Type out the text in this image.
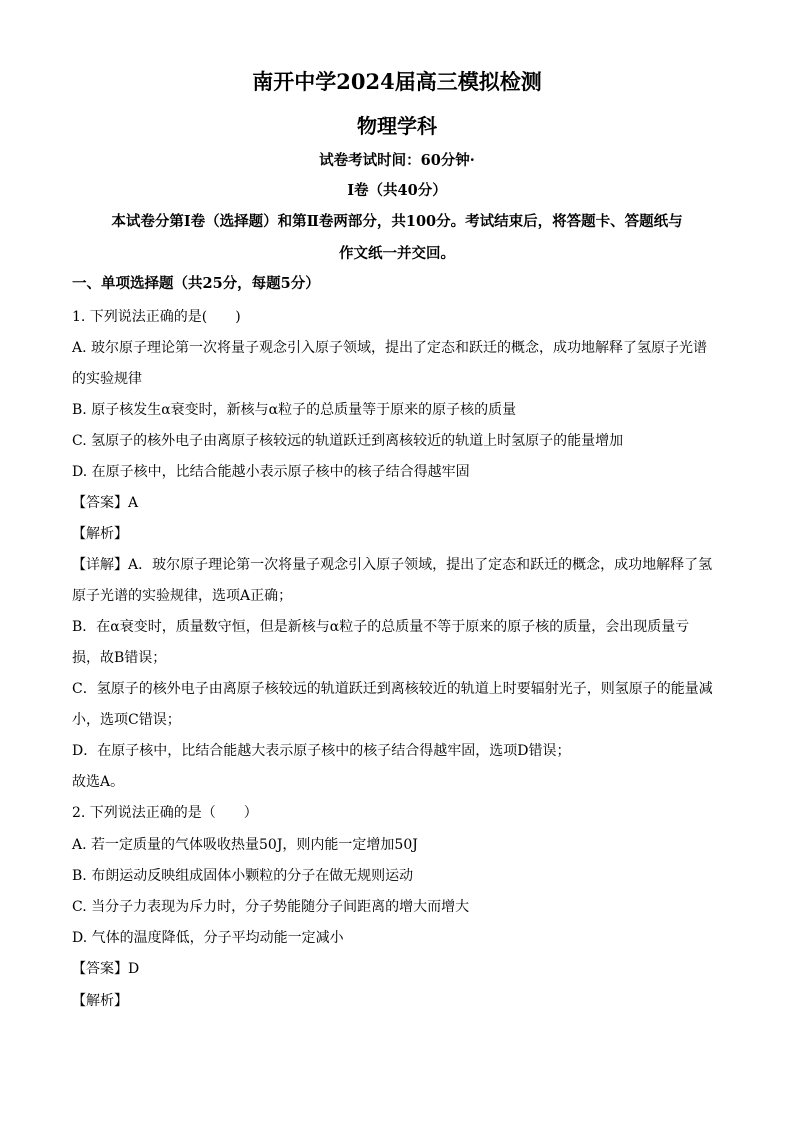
南开中学2024届高三模拟检测
物理学科
试卷考试时间：60分钟·
Ⅰ卷（共40分）
本试卷分第Ⅰ卷（选择题）和第Ⅱ卷两部分，共100分。考试结束后，将答题卡、答题纸与
作文纸一并交回。
一、单项选择题（共25分，每题5分）
1. 下列说法正确的是(　　)
A. 玻尔原子理论第一次将量子观念引入原子领域，提出了定态和跃迁的概念，成功地解释了氢原子光谱
的实验规律
B. 原子核发生α衰变时，新核与α粒子的总质量等于原来的原子核的质量
C. 氢原子的核外电子由离原子核较远的轨道跃迁到离核较近的轨道上时氢原子的能量增加
D. 在原子核中，比结合能越小表示原子核中的核子结合得越牢固
【答案】A
【解析】
【详解】A．玻尔原子理论第一次将量子观念引入原子领域，提出了定态和跃迁的概念，成功地解释了氢
原子光谱的实验规律，选项A正确；
B．在α衰变时，质量数守恒，但是新核与α粒子的总质量不等于原来的原子核的质量，会出现质量亏
损，故B错误；
C．氢原子的核外电子由离原子核较远的轨道跃迁到离核较近的轨道上时要辐射光子，则氢原子的能量减
小，选项C错误；
D．在原子核中，比结合能越大表示原子核中的核子结合得越牢固，选项D错误；
故选A。
2. 下列说法正确的是（　　）
A. 若一定质量的气体吸收热量50J，则内能一定增加50J
B. 布朗运动反映组成固体小颗粒的分子在做无规则运动
C. 当分子力表现为斥力时，分子势能随分子间距离的增大而增大
D. 气体的温度降低，分子平均动能一定减小
【答案】D
【解析】
